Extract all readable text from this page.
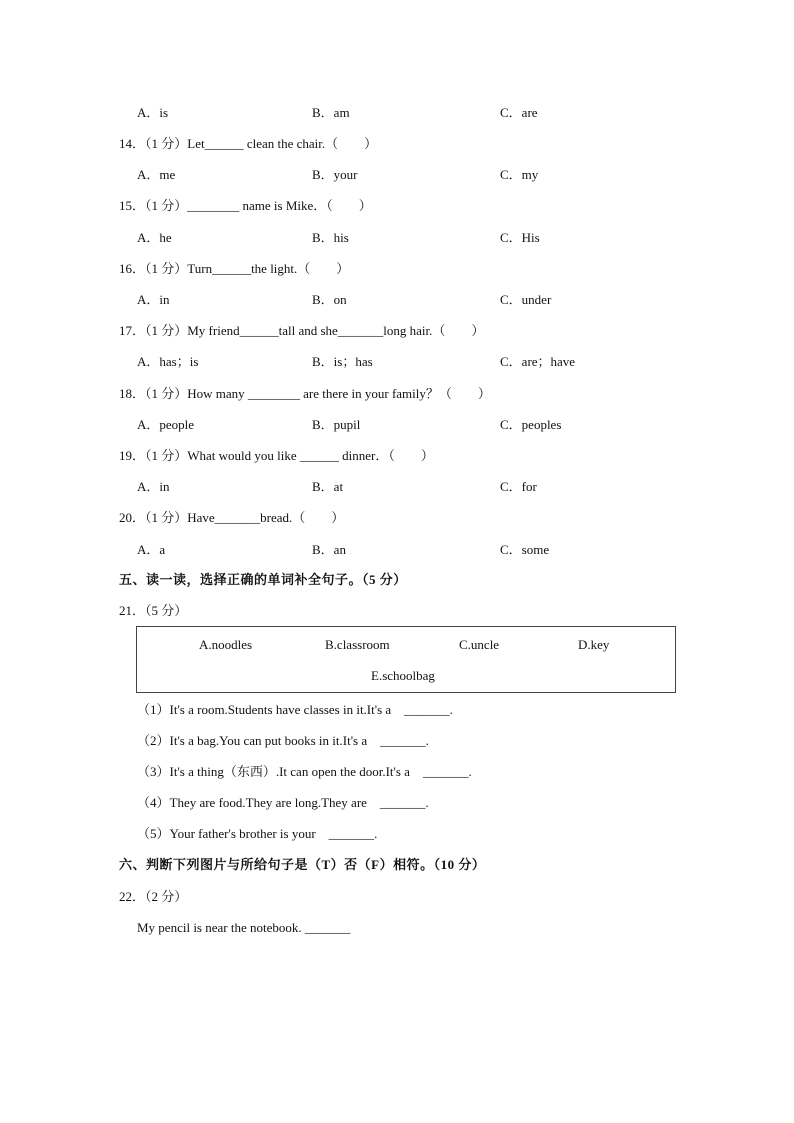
A．is	B．am	C．are
14．（1 分）Let______ clean the chair.（　　）
A．me	B．your	C．my
15．（1 分）________ name is Mike．（　　）
A．he	B．his	C．His
16．（1 分）Turn______the light.（　　）
A．in	B．on	C．under
17．（1 分）My friend______tall and she_______long hair.（　　）
A．has；is	B．is；has	C．are；have
18．（1 分）How many ________ are there in your family？（　　）
A．people	B．pupil	C．peoples
19．（1 分）What would you like ______ dinner．（　　）
A．in	B．at	C．for
20．（1 分）Have_______bread.（　　）
A．a	B．an	C．some
五、读一读，选择正确的单词补全句子。（5 分）
21．（5 分）
A.noodles	B.classroom	C.uncle	D.key
E.schoolbag
（1）It's a room.Students have classes in it.It's a　_______.
（2）It's a bag.You can put books in it.It's a　_______.
（3）It's a thing（东西）.It can open the door.It's a　_______.
（4）They are food.They are long.They are　_______.
（5）Your father's brother is your　_______.
六、判断下列图片与所给句子是（T）否（F）相符。（10 分）
22．（2 分）
My pencil is near the notebook. _______
